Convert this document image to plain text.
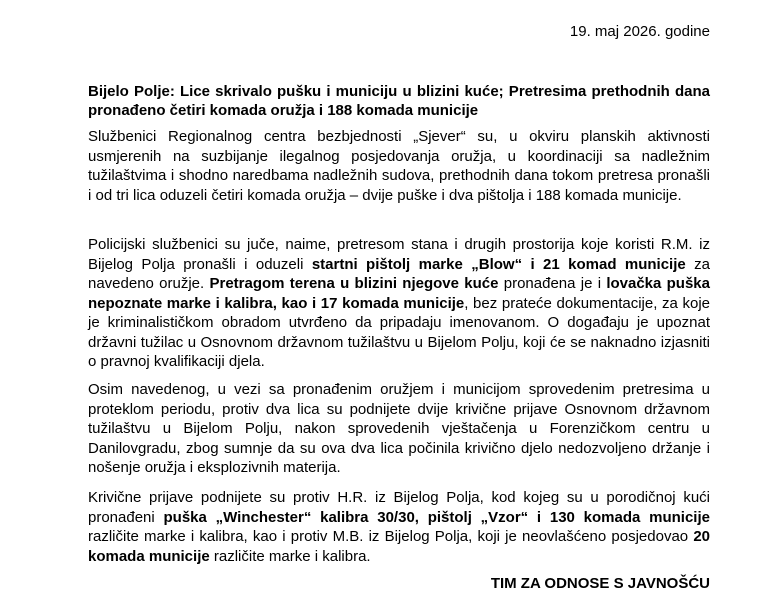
19. maj 2026. godine

Bijelo Polje: Lice skrivalo pušku i municiju u blizini kuće; Pretresima prethodnih dana pronađeno četiri komada oružja i 188 komada municije

Službenici Regionalnog centra bezbjednosti „Sjever“ su, u okviru planskih aktivnosti usmjerenih na suzbijanje ilegalnog posjedovanja oružja, u koordinaciji sa nadležnim tužilaštvima i shodno naredbama nadležnih sudova, prethodnih dana tokom pretresa pronašli i od tri lica oduzeli četiri komada oružja – dvije puške i dva pištolja i 188 komada municije.

Policijski službenici su juče, naime, pretresom stana i drugih prostorija koje koristi R.M. iz Bijelog Polja pronašli i oduzeli startni pištolj marke „Blow“ i 21 komad municije za navedeno oružje. Pretragom terena u blizini njegove kuće pronađena je i lovačka puška nepoznate marke i kalibra, kao i 17 komada municije, bez prateće dokumentacije, za koje je kriminalističkom obradom utvrđeno da pripadaju imenovanom. O događaju je upoznat državni tužilac u Osnovnom državnom tužilaštvu u Bijelom Polju, koji će se naknadno izjasniti o pravnoj kvalifikaciji djela.

Osim navedenog, u vezi sa pronađenim oružjem i municijom sprovedenim pretresima u proteklom periodu, protiv dva lica su podnijete dvije krivične prijave Osnovnom državnom tužilaštvu u Bijelom Polju, nakon sprovedenih vještačenja u Forenzičkom centru u Danilovgradu, zbog sumnje da su ova dva lica počinila krivično djelo nedozvoljeno držanje i nošenje oružja i eksplozivnih materija.

Krivične prijave podnijete su protiv H.R. iz Bijelog Polja, kod kojeg su u porodičnoj kući pronađeni puška „Winchester“ kalibra 30/30, pištolj „Vzor“ i 130 komada municije različite marke i kalibra, kao i protiv M.B. iz Bijelog Polja, koji je neovlašćeno posjedovao 20 komada municije različite marke i kalibra.

TIM ZA ODNOSE S JAVNOŠĆU
